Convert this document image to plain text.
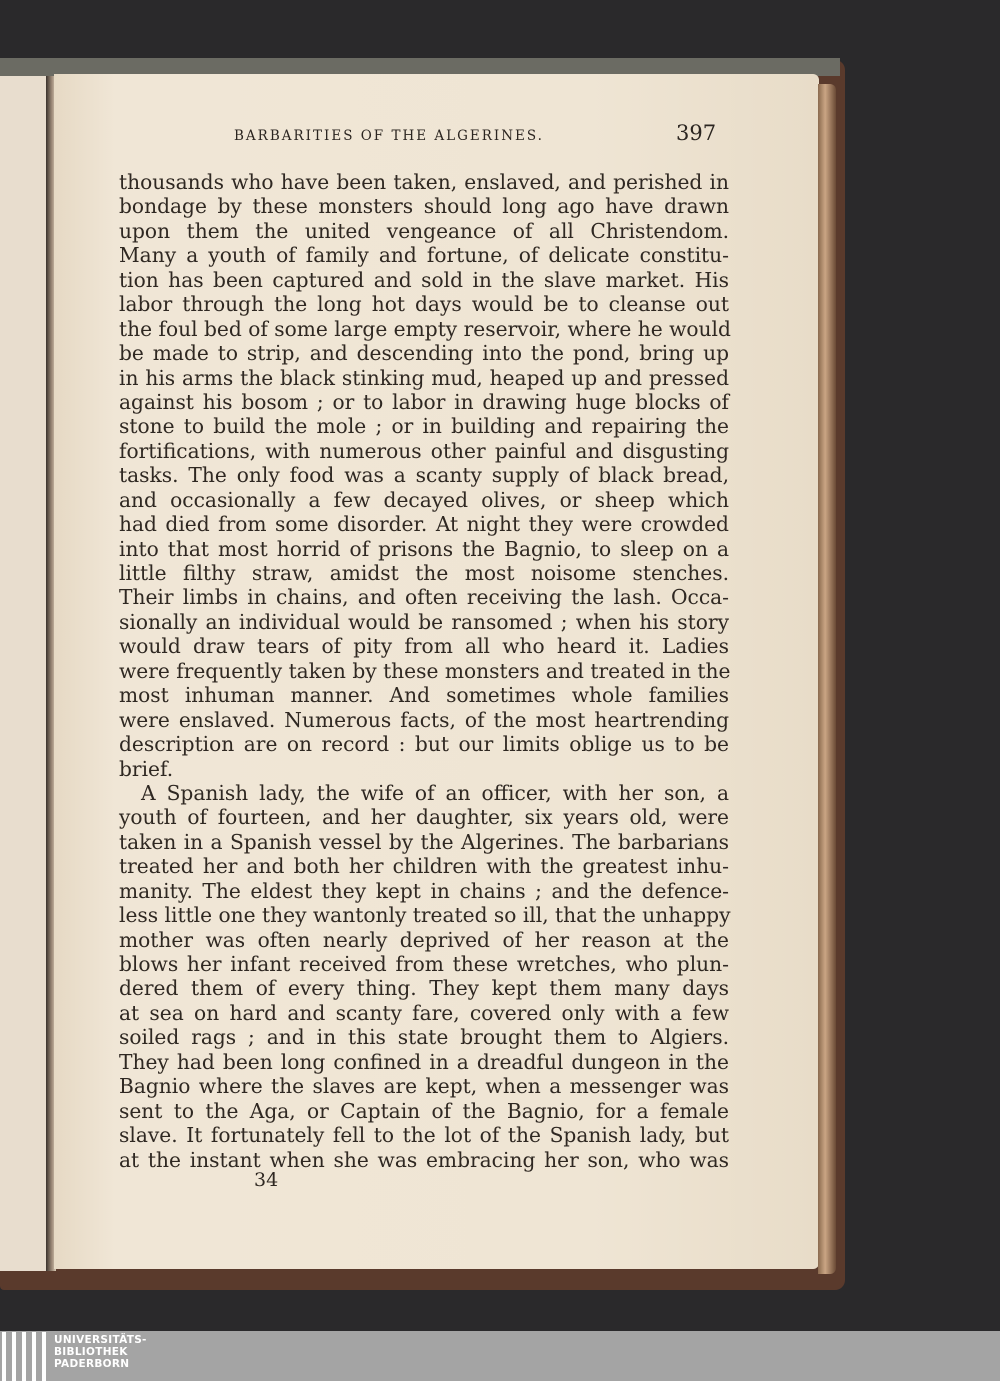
BARBARITIES OF THE ALGERINES.	397
thousands who have been taken, enslaved, and perished in
bondage by these monsters should long ago have drawn
upon them the united vengeance of all Christendom.
Many a youth of family and fortune, of delicate constitu-
tion has been captured and sold in the slave market. His
labor through the long hot days would be to cleanse out
the foul bed of some large empty reservoir, where he would
be made to strip, and descending into the pond, bring up
in his arms the black stinking mud, heaped up and pressed
against his bosom ; or to labor in drawing huge blocks of
stone to build the mole ; or in building and repairing the
fortifications, with numerous other painful and disgusting
tasks. The only food was a scanty supply of black bread,
and occasionally a few decayed olives, or sheep which
had died from some disorder. At night they were crowded
into that most horrid of prisons the Bagnio, to sleep on a
little filthy straw, amidst the most noisome stenches.
Their limbs in chains, and often receiving the lash. Occa-
sionally an individual would be ransomed ; when his story
would draw tears of pity from all who heard it. Ladies
were frequently taken by these monsters and treated in the
most inhuman manner. And sometimes whole families
were enslaved. Numerous facts, of the most heartrending
description are on record : but our limits oblige us to be
brief.
A Spanish lady, the wife of an officer, with her son, a
youth of fourteen, and her daughter, six years old, were
taken in a Spanish vessel by the Algerines. The barbarians
treated her and both her children with the greatest inhu-
manity. The eldest they kept in chains ; and the defence-
less little one they wantonly treated so ill, that the unhappy
mother was often nearly deprived of her reason at the
blows her infant received from these wretches, who plun-
dered them of every thing. They kept them many days
at sea on hard and scanty fare, covered only with a few
soiled rags ; and in this state brought them to Algiers.
They had been long confined in a dreadful dungeon in the
Bagnio where the slaves are kept, when a messenger was
sent to the Aga, or Captain of the Bagnio, for a female
slave. It fortunately fell to the lot of the Spanish lady, but
at the instant when she was embracing her son, who was
34
UNIVERSITÄTS-
BIBLIOTHEK
PADERBORN
